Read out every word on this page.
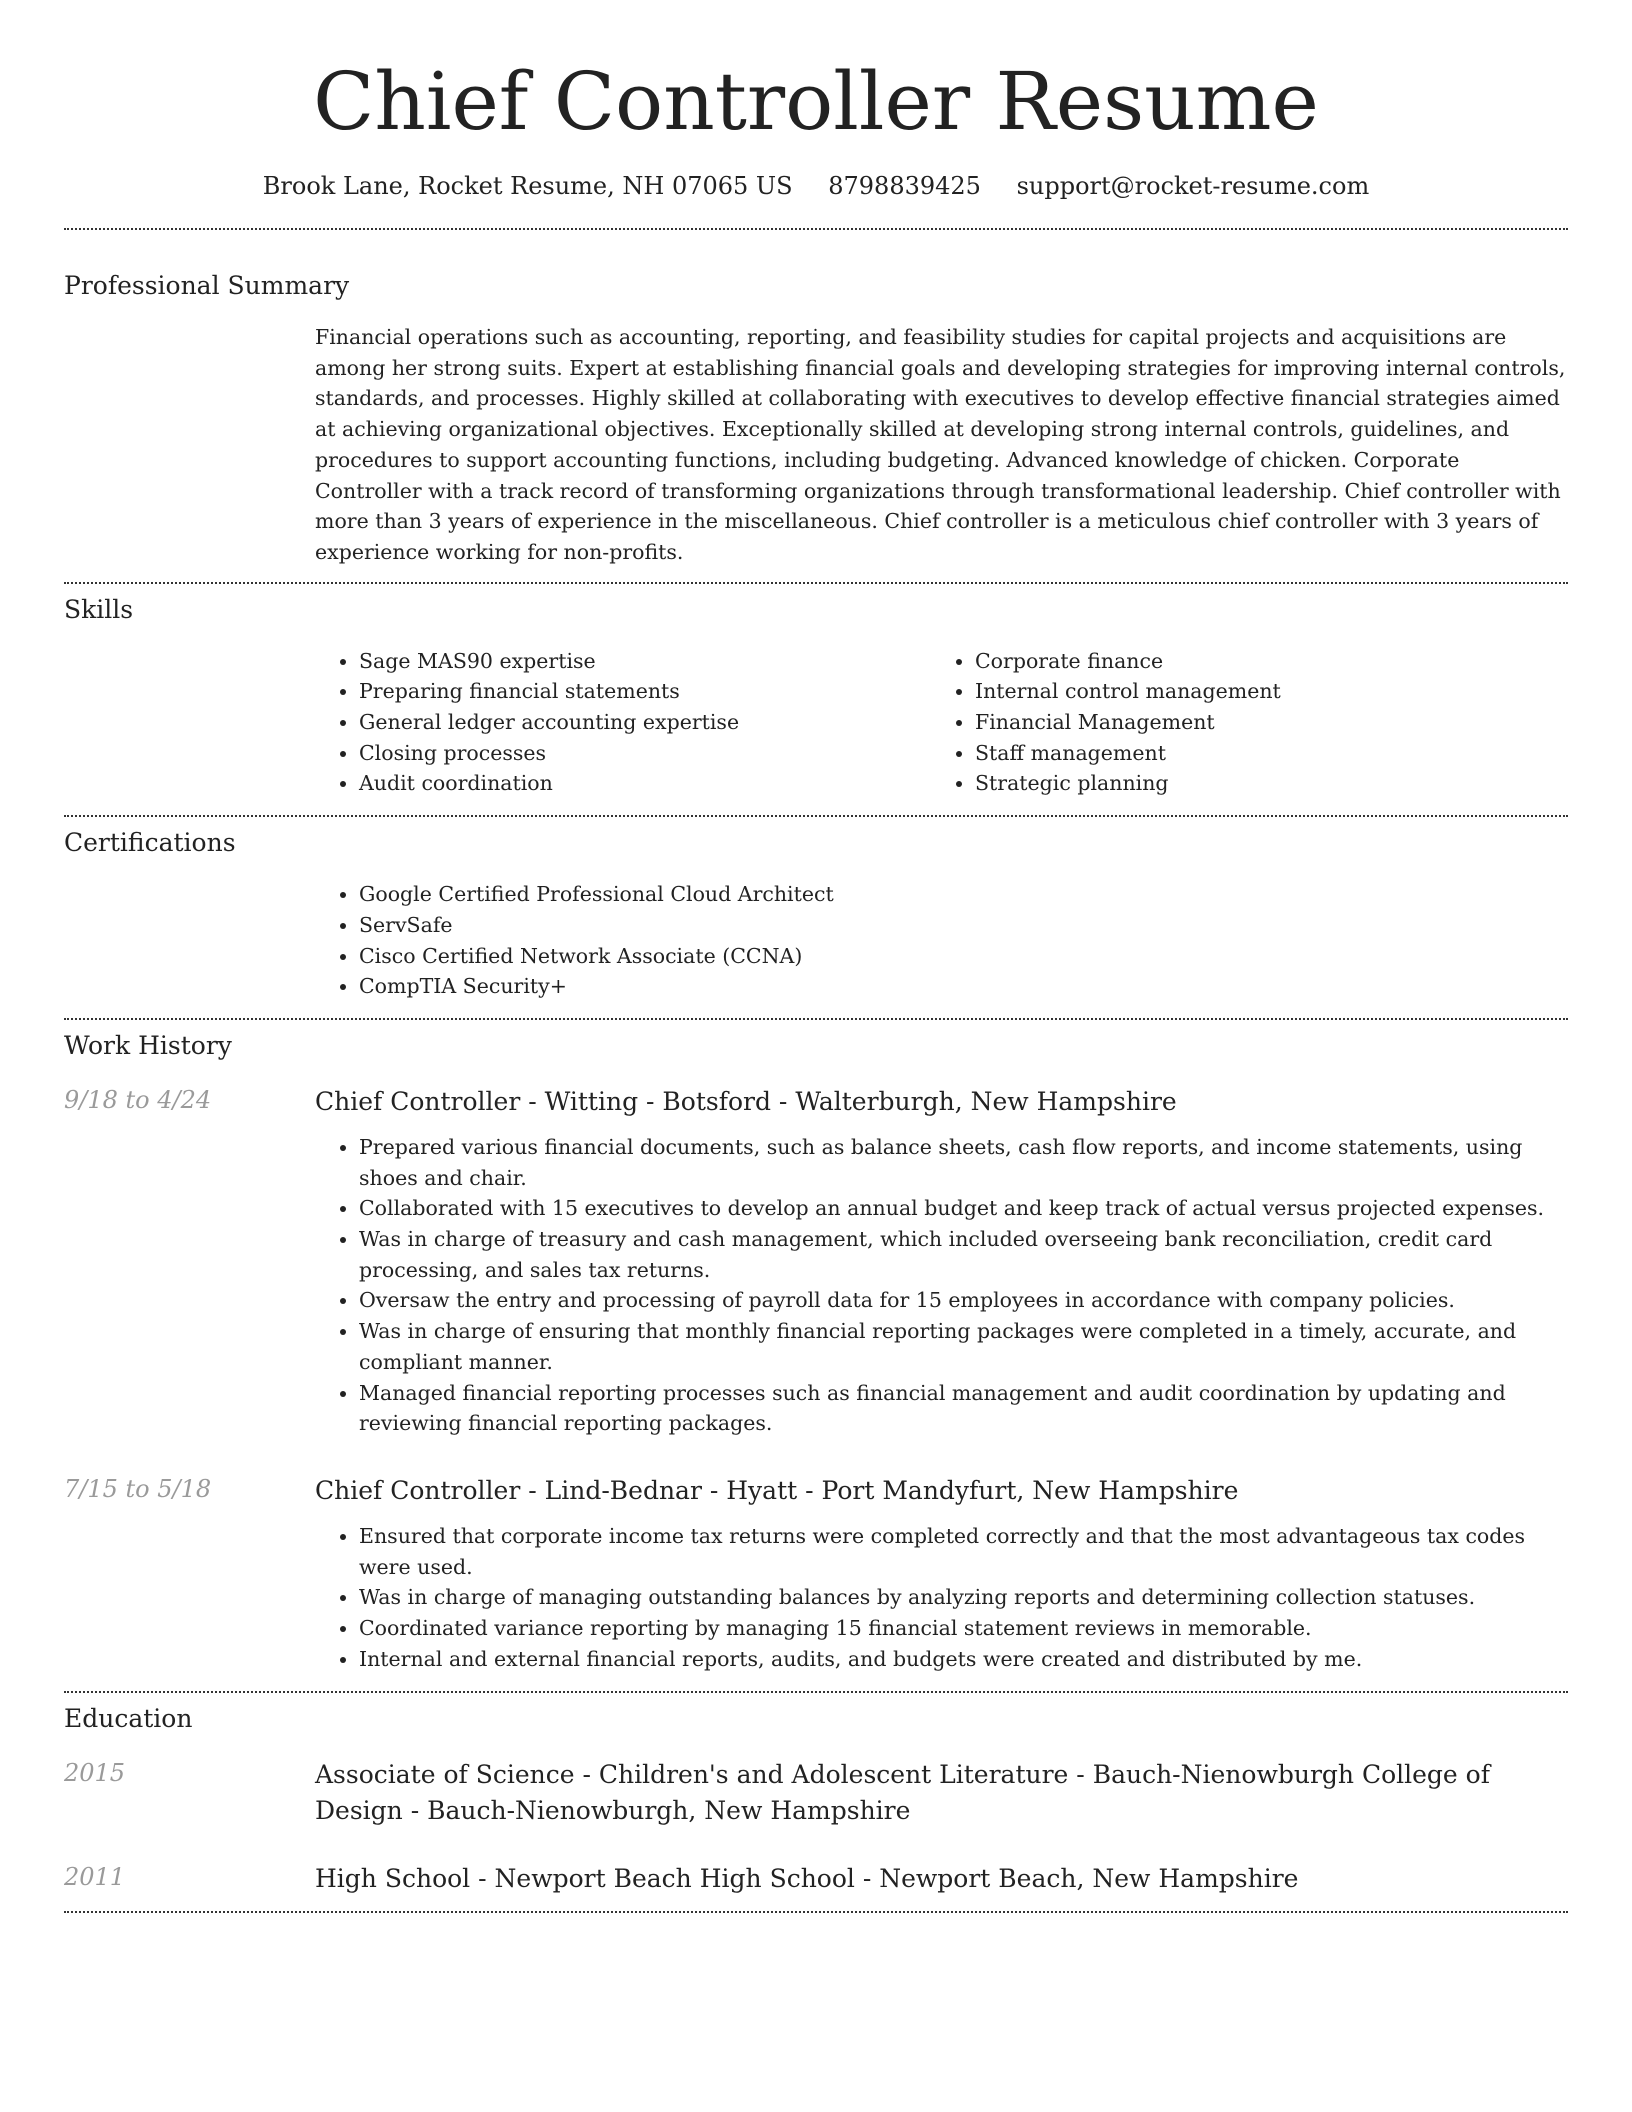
Chief Controller Resume
Brook Lane, Rocket Resume, NH 07065 US 8798839425 support@rocket-resume.com
Professional Summary

Financial operations such as accounting, reporting, and feasibility studies for capital projects and acquisitions are among her strong suits. Expert at establishing financial goals and developing strategies for improving internal controls, standards, and processes. Highly skilled at collaborating with executives to develop effective financial strategies aimed at achieving organizational objectives. Exceptionally skilled at developing strong internal controls, guidelines, and procedures to support accounting functions, including budgeting. Advanced knowledge of chicken. Corporate Controller with a track record of transforming organizations through transformational leadership. Chief controller with more than 3 years of experience in the miscellaneous. Chief controller is a meticulous chief controller with 3 years of experience working for non-profits.

Skills
• Sage MAS90 expertise
• Preparing financial statements
• General ledger accounting expertise
• Closing processes
• Audit coordination
• Corporate finance
• Internal control management
• Financial Management
• Staff management
• Strategic planning
Certifications
• Google Certified Professional Cloud Architect
• ServSafe
• Cisco Certified Network Associate (CCNA)
• CompTIA Security+
Work History
9/18 to 4/24	Chief Controller - Witting - Botsford - Walterburgh, New Hampshire
• Prepared various financial documents, such as balance sheets, cash flow reports, and income statements, using shoes and chair.
• Collaborated with 15 executives to develop an annual budget and keep track of actual versus projected expenses.
• Was in charge of treasury and cash management, which included overseeing bank reconciliation, credit card processing, and sales tax returns.
• Oversaw the entry and processing of payroll data for 15 employees in accordance with company policies.
• Was in charge of ensuring that monthly financial reporting packages were completed in a timely, accurate, and compliant manner.
• Managed financial reporting processes such as financial management and audit coordination by updating and reviewing financial reporting packages.
7/15 to 5/18	Chief Controller - Lind-Bednar - Hyatt - Port Mandyfurt, New Hampshire
• Ensured that corporate income tax returns were completed correctly and that the most advantageous tax codes were used.
• Was in charge of managing outstanding balances by analyzing reports and determining collection statuses.
• Coordinated variance reporting by managing 15 financial statement reviews in memorable.
• Internal and external financial reports, audits, and budgets were created and distributed by me.
Education
2015	Associate of Science - Children's and Adolescent Literature - Bauch-Nienowburgh College of Design - Bauch-Nienowburgh, New Hampshire
2011	High School - Newport Beach High School - Newport Beach, New Hampshire
